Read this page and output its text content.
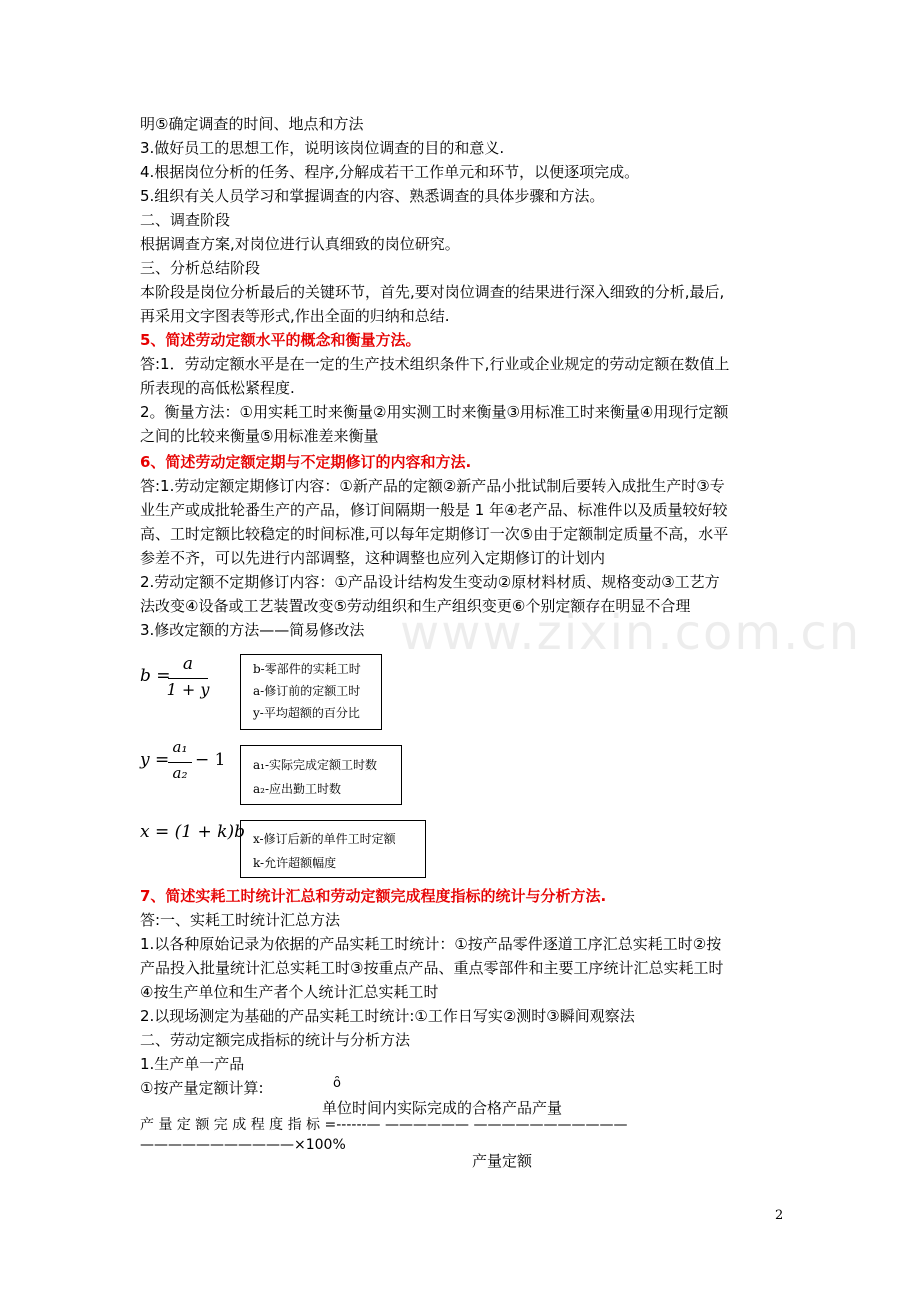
www.zixin.com.cn
明⑤确定调查的时间、地点和方法
3.做好员工的思想工作，说明该岗位调查的目的和意义.
4.根据岗位分析的任务、程序,分解成若干工作单元和环节，以便逐项完成。
5.组织有关人员学习和掌握调查的内容、熟悉调查的具体步骤和方法。
二、调查阶段
根据调查方案,对岗位进行认真细致的岗位研究。
三、分析总结阶段
本阶段是岗位分析最后的关键环节，首先,要对岗位调查的结果进行深入细致的分析,最后,
再采用文字图表等形式,作出全面的归纳和总结.
5、简述劳动定额水平的概念和衡量方法。
答:1．劳动定额水平是在一定的生产技术组织条件下,行业或企业规定的劳动定额在数值上
所表现的高低松紧程度.
2。衡量方法：①用实耗工时来衡量②用实测工时来衡量③用标准工时来衡量④用现行定额
之间的比较来衡量⑤用标准差来衡量
6、简述劳动定额定期与不定期修订的内容和方法.
答:1.劳动定额定期修订内容：①新产品的定额②新产品小批试制后要转入成批生产时③专
业生产或成批轮番生产的产品，修订间隔期一般是 1 年④老产品、标准件以及质量较好较
高、工时定额比较稳定的时间标准,可以每年定期修订一次⑤由于定额制定质量不高，水平
参差不齐，可以先进行内部调整，这种调整也应列入定期修订的计划内
2.劳动定额不定期修订内容：①产品设计结构发生变动②原材料材质、规格变动③工艺方
法改变④设备或工艺装置改变⑤劳动组织和生产组织变更⑥个别定额存在明显不合理
3.修改定额的方法——简易修改法
b =
a
1 + y
b-零部件的实耗工时
a-修订前的定额工时
y-平均超额的百分比
y =
a₁
a₂
− 1 a₁-实际完成定额工时数
a₂-应出勤工时数
x = (1 + k)b x-修订后新的单件工时定额
k-允许超额幅度
7、简述实耗工时统计汇总和劳动定额完成程度指标的统计与分析方法.
答:一、实耗工时统计汇总方法
1.以各种原始记录为依据的产品实耗工时统计：①按产品零件逐道工序汇总实耗工时②按
产品投入批量统计汇总实耗工时③按重点产品、重点零部件和主要工序统计汇总实耗工时
④按生产单位和生产者个人统计汇总实耗工时
2.以现场测定为基础的产品实耗工时统计:①工作日写实②测时③瞬间观察法
二、劳动定额完成指标的统计与分析方法
1.生产单一产品
①按产量定额计算:	ȏ
单位时间内实际完成的合格产品产量
产 量 定 额 完 成 程 度 指 标 =------— —————— ———————————
———————————×100%
产量定额
2
